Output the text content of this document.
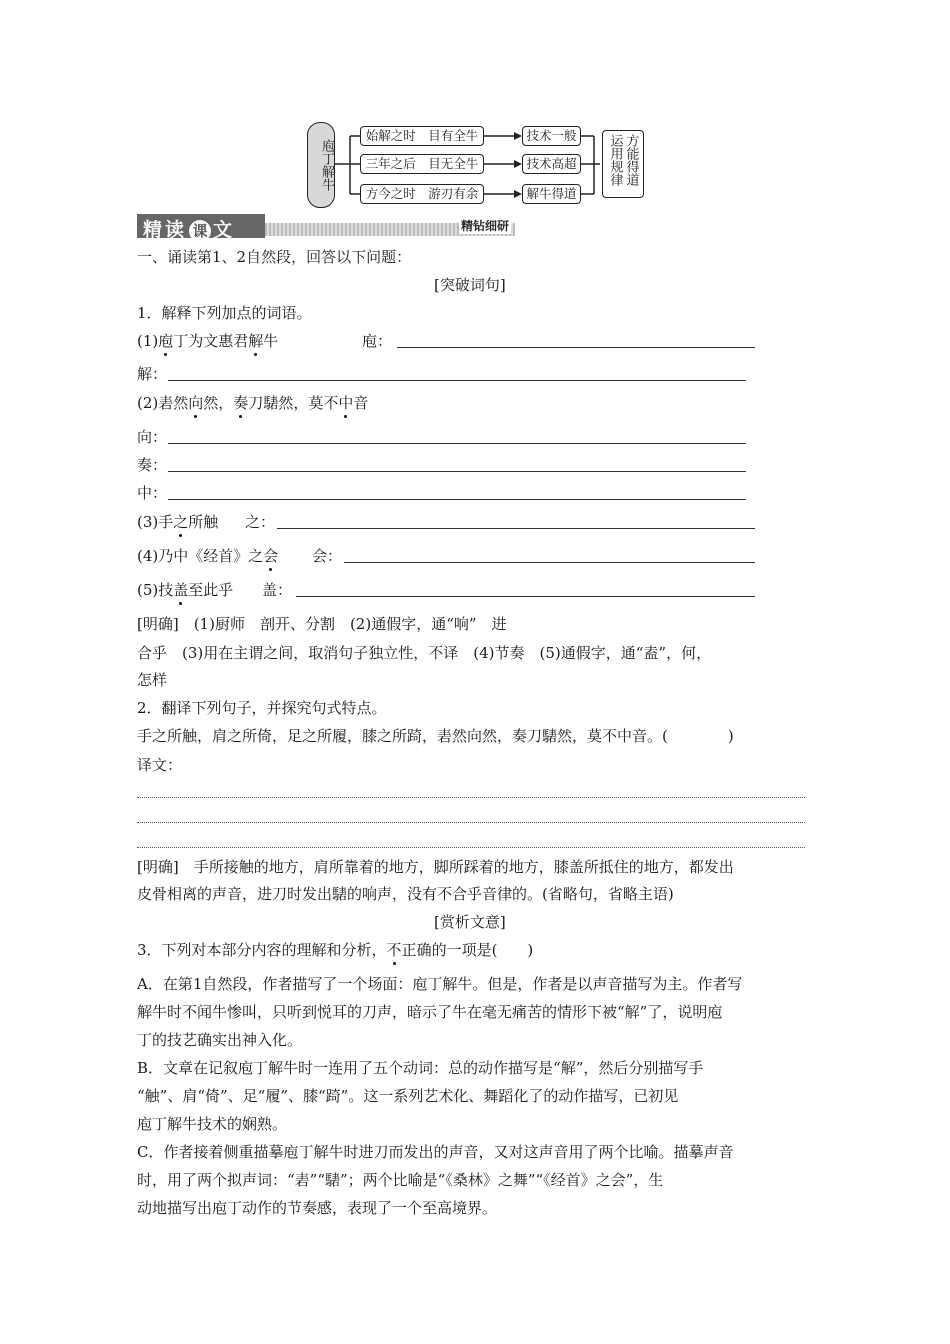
庖丁解牛
始解之时　目有全牛
三年之后　目无全牛
方今之时　游刃有余
技术一般
技术高超
解牛得道
方能得道
运用规律
精读 课 文	精钻细研
一、诵读第1、2自然段，回答以下问题：
[突破词句]
1．解释下列加点的词语。
(1)庖丁为文惠君解牛	庖：
解：
(2)砉然向然，奏刀騞然，莫不中音
向：
奏：
中：
(3)手之所触 之：
(4)乃中《经首》之会 会：
(5)技盖至此乎 盖：
[明确]　(1)厨师　剖开、分割　(2)通假字，通“响”　进
合乎　(3)用在主谓之间，取消句子独立性，不译　(4)节奏　(5)通假字，通“盍”，何，
怎样
2．翻译下列句子，并探究句式特点。
手之所触，肩之所倚，足之所履，膝之所踦，砉然向然，奏刀騞然，莫不中音。(　　　　)
译文：
[明确]　手所接触的地方，肩所靠着的地方，脚所踩着的地方，膝盖所抵住的地方，都发出
皮骨相离的声音，进刀时发出騞的响声，没有不合乎音律的。(省略句，省略主语)
[赏析文意]
3．下列对本部分内容的理解和分析，不正确的一项是(　　)
A．在第1自然段，作者描写了一个场面：庖丁解牛。但是，作者是以声音描写为主。作者写
解牛时不闻牛惨叫，只听到悦耳的刀声，暗示了牛在毫无痛苦的情形下被“解”了，说明庖
丁的技艺确实出神入化。
B．文章在记叙庖丁解牛时一连用了五个动词：总的动作描写是“解”，然后分别描写手
“触”、肩“倚”、足“履”、膝“踦”。这一系列艺术化、舞蹈化了的动作描写，已初见
庖丁解牛技术的娴熟。
C．作者接着侧重描摹庖丁解牛时进刀而发出的声音，又对这声音用了两个比喻。描摹声音
时，用了两个拟声词：“砉”“騞”；两个比喻是“《桑林》之舞”“《经首》之会”，生
动地描写出庖丁动作的节奏感，表现了一个至高境界。
